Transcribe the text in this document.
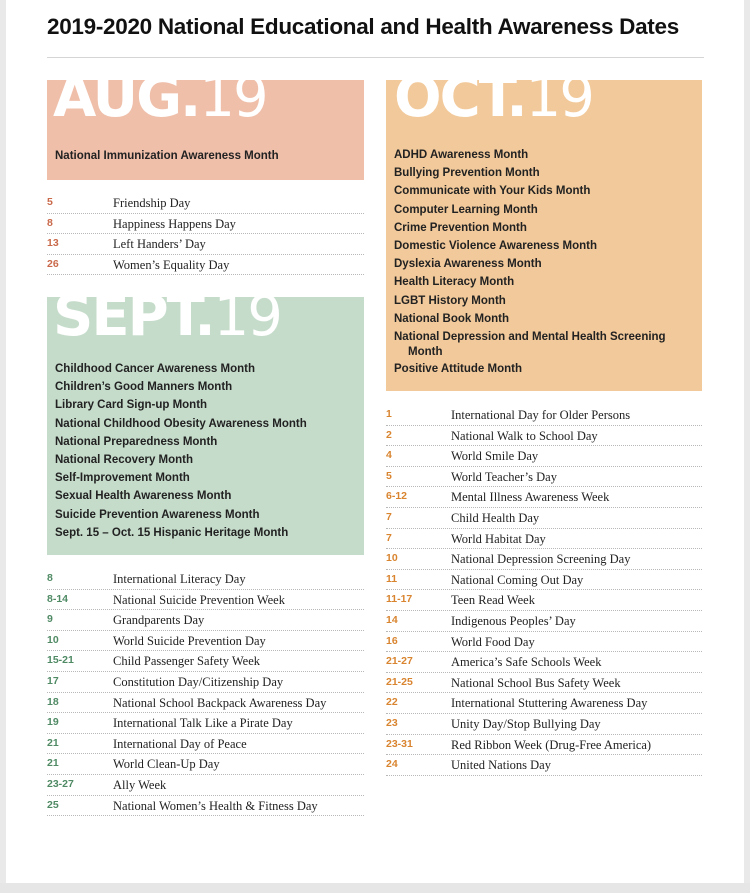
2019-2020 National Educational and Health Awareness Dates
AUG.19
National Immunization Awareness Month
5	Friendship Day
8	Happiness Happens Day
13	Left Handers’ Day
26	Women’s Equality Day
SEPT.19
Childhood Cancer Awareness Month
Children’s Good Manners Month
Library Card Sign-up Month
National Childhood Obesity Awareness Month
National Preparedness Month
National Recovery Month
Self-Improvement Month
Sexual Health Awareness Month
Suicide Prevention Awareness Month
Sept. 15 – Oct. 15 Hispanic Heritage Month
8	International Literacy Day
8-14	National Suicide Prevention Week
9	Grandparents Day
10	World Suicide Prevention Day
15-21	Child Passenger Safety Week
17	Constitution Day/Citizenship Day
18	National School Backpack Awareness Day
19	International Talk Like a Pirate Day
21	International Day of Peace
21	World Clean-Up Day
23-27	Ally Week
25	National Women’s Health & Fitness Day
OCT.19
ADHD Awareness Month
Bullying Prevention Month
Communicate with Your Kids Month
Computer Learning Month
Crime Prevention Month
Domestic Violence Awareness Month
Dyslexia Awareness Month
Health Literacy Month
LGBT History Month
National Book Month
National Depression and Mental Health Screening
Month
Positive Attitude Month
1	International Day for Older Persons
2	National Walk to School Day
4	World Smile Day
5	World Teacher’s Day
6-12	Mental Illness Awareness Week
7	Child Health Day
7	World Habitat Day
10	National Depression Screening Day
11	National Coming Out Day
11-17	Teen Read Week
14	Indigenous Peoples’ Day
16	World Food Day
21-27	America’s Safe Schools Week
21-25	National School Bus Safety Week
22	International Stuttering Awareness Day
23	Unity Day/Stop Bullying Day
23-31	Red Ribbon Week (Drug-Free America)
24	United Nations Day
